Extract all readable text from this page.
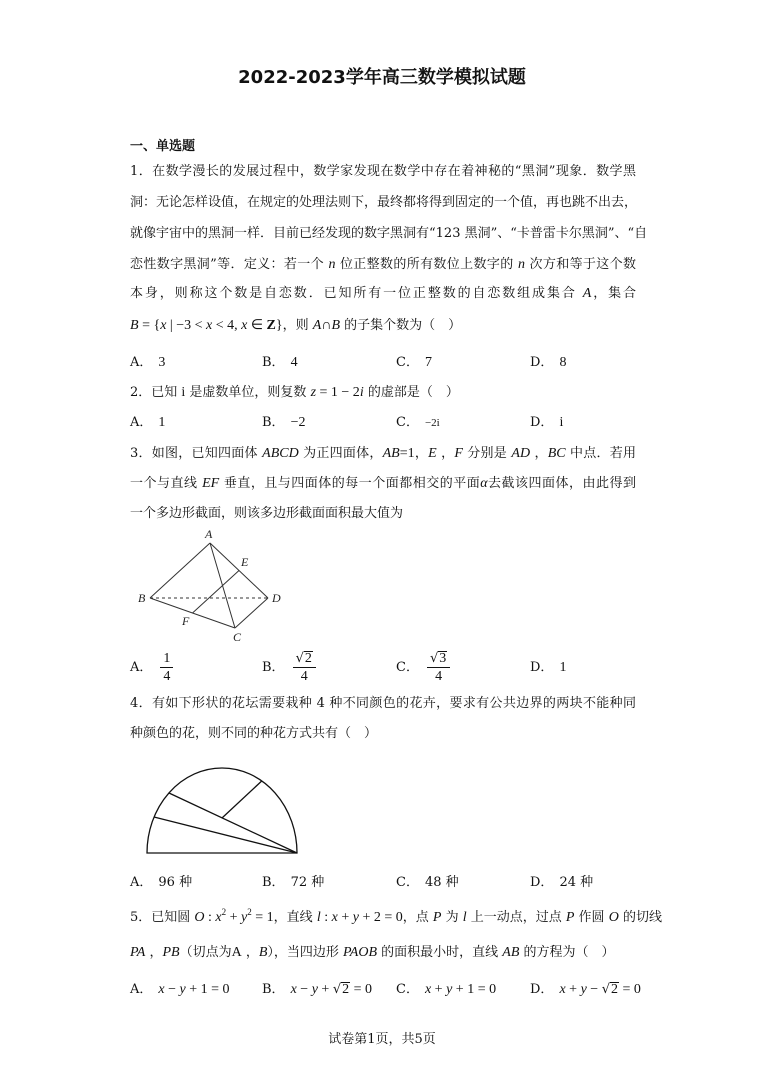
2022-2023学年高三数学模拟试题
一、单选题
1．在数学漫长的发展过程中，数学家发现在数学中存在着神秘的“黑洞”现象．数学黑
洞：无论怎样设值，在规定的处理法则下，最终都将得到固定的一个值，再也跳不出去，
就像宇宙中的黑洞一样．目前已经发现的数字黑洞有“123 黑洞”、“卡普雷卡尔黑洞”、“自
恋性数字黑洞”等．定义：若一个 n 位正整数的所有数位上数字的 n 次方和等于这个数
本身，则称这个数是自恋数．已知所有一位正整数的自恋数组成集合 A，集合
B = {x | −3 < x < 4, x ∈ Z}，则 A∩B 的子集个数为（　）
A． 3	B． 4	C． 7	D． 8
2．已知 i 是虚数单位，则复数 z = 1 − 2i 的虚部是（　）
A． 1	B． −2	C． −2i	D． i
3．如图，已知四面体 ABCD 为正四面体，AB=1，E ，F 分别是 AD ，BC 中点．若用
一个与直线 EF 垂直，且与四面体的每一个面都相交的平面α去截该四面体，由此得到
一个多边形截面，则该多边形截面面积最大值为
A
B
C
D
E
F
A． $\frac{1}{4}$	B． $\frac{√2}{4}$	C． $\frac{√3}{4}$	D． 1
4．有如下形状的花坛需要栽种 4 种不同颜色的花卉，要求有公共边界的两块不能种同
种颜色的花，则不同的种花方式共有（　）
A． 96 种	B． 72 种	C． 48 种	D． 24 种
5．已知圆 O : $x^2 + y^2 = 1$，直线 l : x + y + 2 = 0，点 P 为 l 上一动点，过点 P 作圆 O 的切线
PA ，PB（切点为A ，B），当四边形 PAOB 的面积最小时，直线 AB 的方程为（　）
A． x − y + 1 = 0 B． x − y + √2 = 0 C． x + y + 1 = 0	D． x + y − √2 = 0
试卷第1页，共5页
